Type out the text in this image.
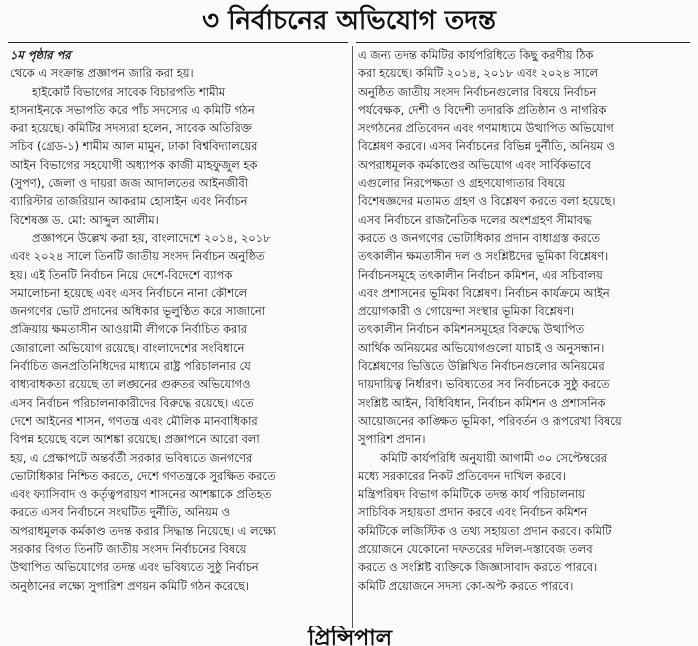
৩ নির্বাচনের অভিযোগ তদন্ত
১ম পৃষ্ঠার পর
থেকে এ সংক্রান্ত প্রজ্ঞাপন জারি করা হয়।
হাইকোর্ট বিভাগের সাবেক বিচারপতি শামীম
হাসনাইনকে সভাপতি করে পাঁচ সদস্যের এ কমিটি গঠন
করা হয়েছে। কমিটির সদস্যরা হলেন, সাবেক অতিরিক্ত
সচিব (গ্রেড-১) শামীম আল মামুন, ঢাকা বিশ্ববিদ্যালয়ের
আইন বিভাগের সহযোগী অধ্যাপক কাজী মাহফুজুল হক
(সুপণ), জেলা ও দায়রা জজ আদালতের আইনজীবী
ব্যারিস্টার তাজরিয়ান আকরাম হোসাইন এবং নির্বাচন
বিশেষজ্ঞ ড. মো: আব্দুল আলীম।
প্রজ্ঞাপনে উল্লেখ করা হয়, বাংলাদেশে ২০১৪, ২০১৮
এবং ২০২৪ সালে তিনটি জাতীয় সংসদ নির্বাচন অনুষ্ঠিত
হয়। এই তিনটি নির্বাচন নিয়ে দেশে-বিদেশে ব্যাপক
সমালোচনা হয়েছে এবং এসব নির্বাচনে নানা কৌশলে
জনগণের ভোট প্রদানের অধিকার ভূলুণ্ঠিত করে সাজানো
প্রক্রিয়ায় ক্ষমতাসীন আওয়ামী লীগকে নির্বাচিত করার
জোরালো অভিযোগ রয়েছে। বাংলাদেশের সংবিধানে
নির্বাচিত জনপ্রতিনিধিদের মাধ্যমে রাষ্ট্র পরিচালনার যে
বাধ্যবাধকতা রয়েছে তা লঙ্ঘনের গুরুতর অভিযোগও
এসব নির্বাচন পরিচালনাকারীদের বিরুদ্ধে রয়েছে। এতে
দেশে আইনের শাসন, গণতন্ত্র এবং মৌলিক মানবাধিকার
বিপন্ন হয়েছে বলে আশঙ্কা রয়েছে। প্রজ্ঞাপনে আরো বলা
হয়, এ প্রেক্ষাপটে অন্তর্বর্তী সরকার ভবিষ্যতে জনগণের
ভোটাধিকার নিশ্চিত করতে, দেশে গণতন্ত্রকে সুরক্ষিত করতে
এবং ফ্যাসিবাদ ও কর্তৃত্বপরায়ণ শাসনের আশঙ্কাকে প্রতিহত
করতে এসব নির্বাচনে সংঘটিত দুর্নীতি, অনিয়ম ও
অপরাধমূলক কর্মকাণ্ড তদন্ত করার সিদ্ধান্ত নিয়েছে। এ লক্ষ্যে
সরকার বিগত তিনটি জাতীয় সংসদ নির্বাচনের বিষয়ে
উত্থাপিত অভিযোগের তদন্ত এবং ভবিষ্যতে সুষ্ঠু নির্বাচন
অনুষ্ঠানের লক্ষ্যে সুপারিশ প্রণয়ন কমিটি গঠন করেছে।
এ জন্য তদন্ত কমিটির কার্যপরিধিতে কিছু করণীয় ঠিক
করা হয়েছে। কমিটি ২০১৪, ২০১৮ এবং ২০২৪ সালে
অনুষ্ঠিত জাতীয় সংসদ নির্বাচনগুলোর বিষয়ে নির্বাচন
পর্যবেক্ষক, দেশী ও বিদেশী তদারকি প্রতিষ্ঠান ও নাগরিক
সংগঠনের প্রতিবেদন এবং গণমাধ্যমে উত্থাপিত অভিযোগ
বিশ্লেষণ করবে। এসব নির্বাচনের বিভিন্ন দুর্নীতি, অনিয়ম ও
অপরাধমূলক কর্মকাণ্ডের অভিযোগ এবং সার্বিকভাবে
এগুলোর নিরপেক্ষতা ও গ্রহণযোগ্যতার বিষয়ে
বিশেষজ্ঞদের মতামত গ্রহণ ও বিশ্লেষণ করতে বলা হয়েছে।
এসব নির্বাচনে রাজনৈতিক দলের অংশগ্রহণ সীমাবদ্ধ
করতে ও জনগণের ভোটাধিকার প্রদান বাধাগ্রস্ত করতে
তৎকালীন ক্ষমতাসীন দল ও সংশ্লিষ্টদের ভূমিকা বিশ্লেষণ।
নির্বাচনসমূহে তৎকালীন নির্বাচন কমিশন, এর সচিবালয়
এবং প্রশাসনের ভূমিকা বিশ্লেষণ। নির্বাচন কার্যক্রমে আইন
প্রয়োগকারী ও গোয়েন্দা সংস্থার ভূমিকা বিশ্লেষণ।
তৎকালীন নির্বাচন কমিশনসমূহের বিরুদ্ধে উত্থাপিত
আর্থিক অনিয়মের অভিযোগগুলো যাচাই ও অনুসন্ধান।
বিশ্লেষণের ভিত্তিতে উল্লিখিত নির্বাচনগুলোর অনিয়মের
দায়দায়িত্ব নির্ধারণ। ভবিষ্যতের সব নির্বাচনকে সুষ্ঠু করতে
সংশ্লিষ্ট আইন, বিধিবিধান, নির্বাচন কমিশন ও প্রশাসনিক
আয়োজনের কাঙ্ক্ষিত ভূমিকা, পরিবর্তন ও রূপরেখা বিষয়ে
সুপারিশ প্রদান।
কমিটি কার্যপরিধি অনুযায়ী আগামী ৩০ সেপ্টেম্বরের
মধ্যে সরকারের নিকট প্রতিবেদন দাখিল করবে।
মন্ত্রিপরিষদ বিভাগ কমিটিকে তদন্ত কার্য পরিচালনায়
সাচিবিক সহায়তা প্রদান করবে এবং নির্বাচন কমিশন
কমিটিকে লজিস্টিক ও তথ্য সহায়তা প্রদান করবে। কমিটি
প্রয়োজনে যেকোনো দফতরের দলিল-দস্তাবেজ তলব
করতে ও সংশ্লিষ্ট ব্যক্তিকে জিজ্ঞাসাবাদ করতে পারবে।
কমিটি প্রয়োজনে সদস্য কো-অপ্ট করতে পারবে।
প্রিন্সিপাল
